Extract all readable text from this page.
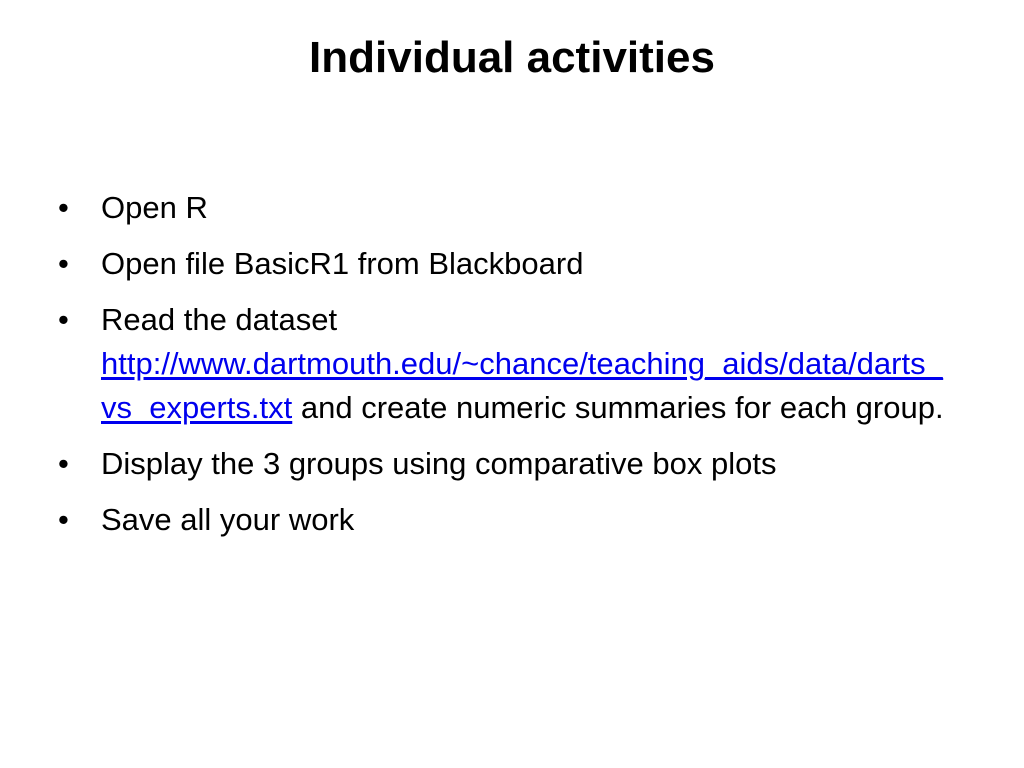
Individual activities
• Open R
• Open file BasicR1 from Blackboard
• Read the dataset
http://www.dartmouth.edu/~chance/teaching_aids/data/darts_vs_experts.txt and create numeric summaries for each group.
• Display the 3 groups using comparative box plots
• Save all your work
